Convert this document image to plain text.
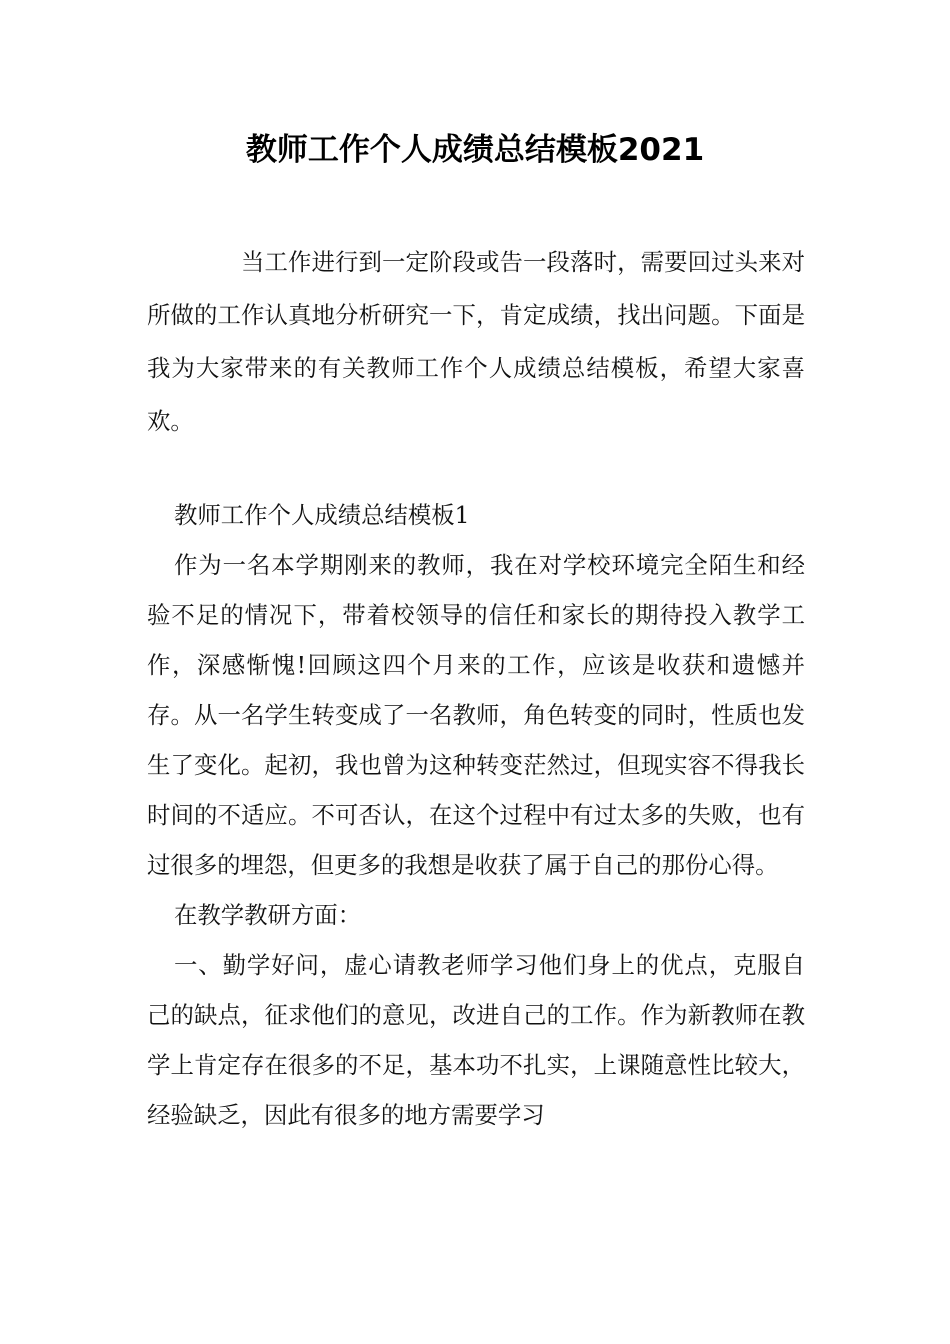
教师工作个人成绩总结模板2021

当工作进行到一定阶段或告一段落时，需要回过头来对所做的工作认真地分析研究一下，肯定成绩，找出问题。下面是我为大家带来的有关教师工作个人成绩总结模板，希望大家喜欢。

教师工作个人成绩总结模板1

作为一名本学期刚来的教师，我在对学校环境完全陌生和经验不足的情况下，带着校领导的信任和家长的期待投入教学工作，深感惭愧!回顾这四个月来的工作，应该是收获和遗憾并存。从一名学生转变成了一名教师，角色转变的同时，性质也发生了变化。起初，我也曾为这种转变茫然过，但现实容不得我长时间的不适应。不可否认，在这个过程中有过太多的失败，也有过很多的埋怨，但更多的我想是收获了属于自己的那份心得。

在教学教研方面：

一、勤学好问，虚心请教老师学习他们身上的优点，克服自己的缺点，征求他们的意见，改进自己的工作。作为新教师在教学上肯定存在很多的不足，基本功不扎实，上课随意性比较大，经验缺乏，因此有很多的地方需要学习
